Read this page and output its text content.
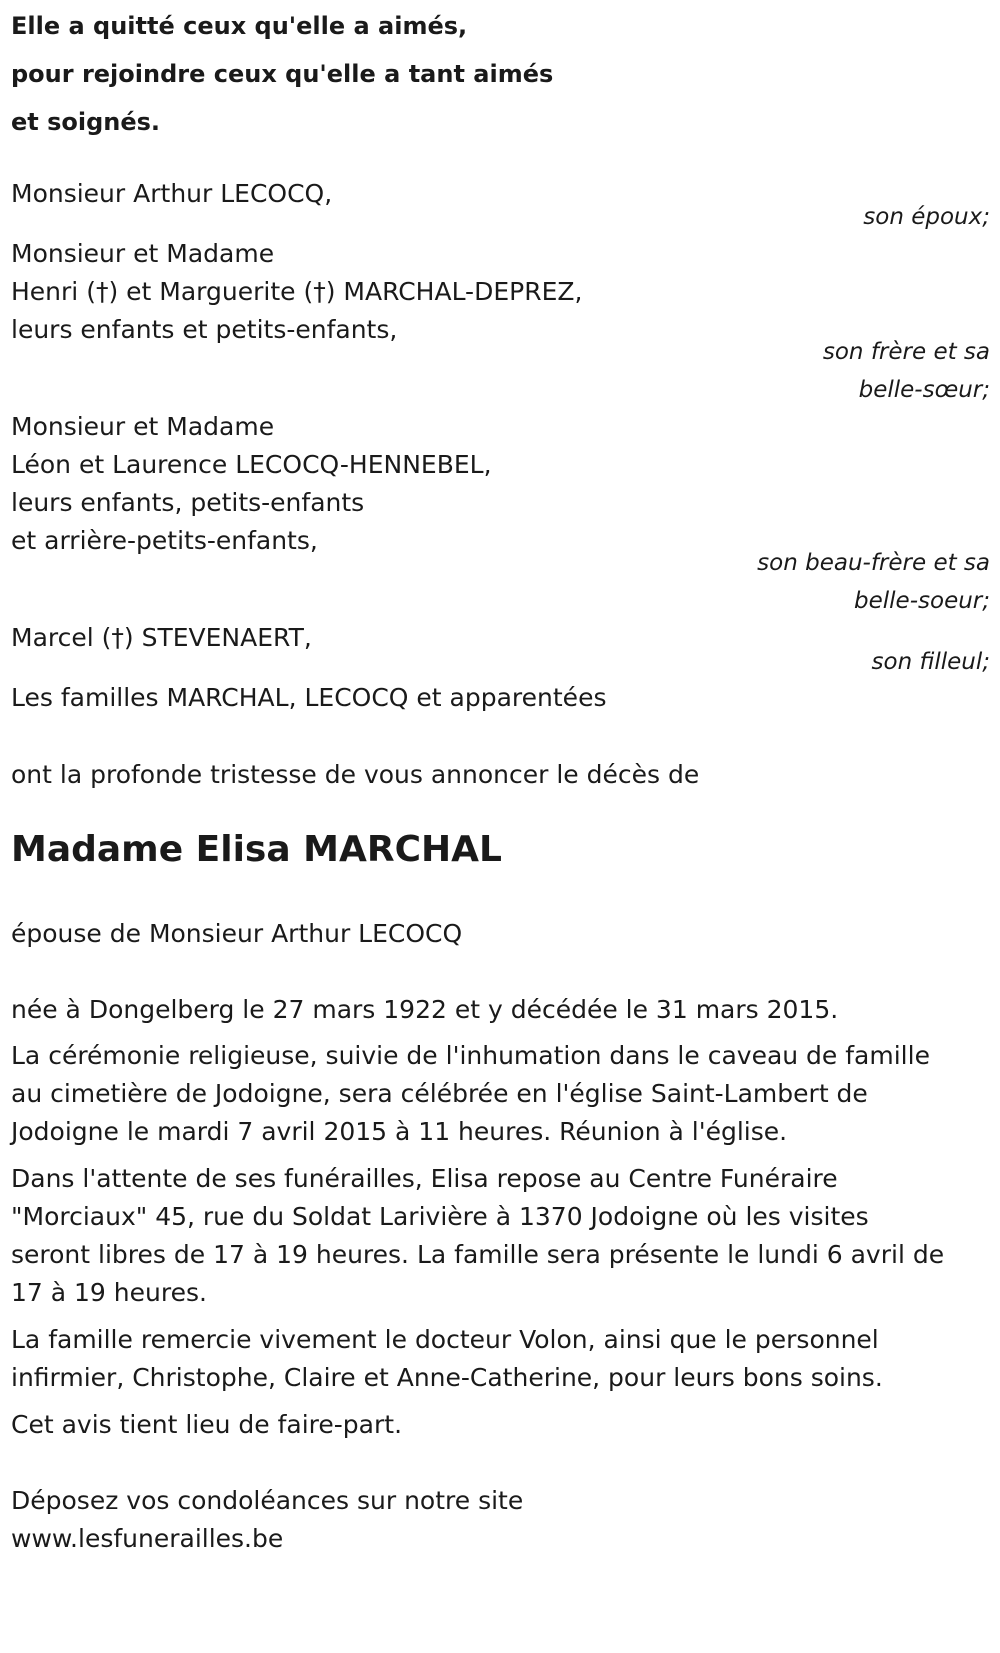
Elle a quitté ceux qu'elle a aimés,
pour rejoindre ceux qu'elle a tant aimés
et soignés.
Monsieur Arthur LECOCQ,
son époux;
Monsieur et Madame
Henri (†) et Marguerite (†) MARCHAL-DEPREZ,
leurs enfants et petits-enfants,
son frère et sa
belle-sœur;
Monsieur et Madame
Léon et Laurence LECOCQ-HENNEBEL,
leurs enfants, petits-enfants
et arrière-petits-enfants,
son beau-frère et sa
belle-soeur;
Marcel (†) STEVENAERT,
son filleul;
Les familles MARCHAL, LECOCQ et apparentées
ont la profonde tristesse de vous annoncer le décès de
Madame Elisa MARCHAL
épouse de Monsieur Arthur LECOCQ
née à Dongelberg le 27 mars 1922 et y décédée le 31 mars 2015.
La cérémonie religieuse, suivie de l'inhumation dans le caveau de famille
au cimetière de Jodoigne, sera célébrée en l'église Saint-Lambert de
Jodoigne le mardi 7 avril 2015 à 11 heures. Réunion à l'église.
Dans l'attente de ses funérailles, Elisa repose au Centre Funéraire
"Morciaux" 45, rue du Soldat Larivière à 1370 Jodoigne où les visites
seront libres de 17 à 19 heures. La famille sera présente le lundi 6 avril de
17 à 19 heures.
La famille remercie vivement le docteur Volon, ainsi que le personnel
infirmier, Christophe, Claire et Anne-Catherine, pour leurs bons soins.
Cet avis tient lieu de faire-part.
Déposez vos condoléances sur notre site
www.lesfunerailles.be
